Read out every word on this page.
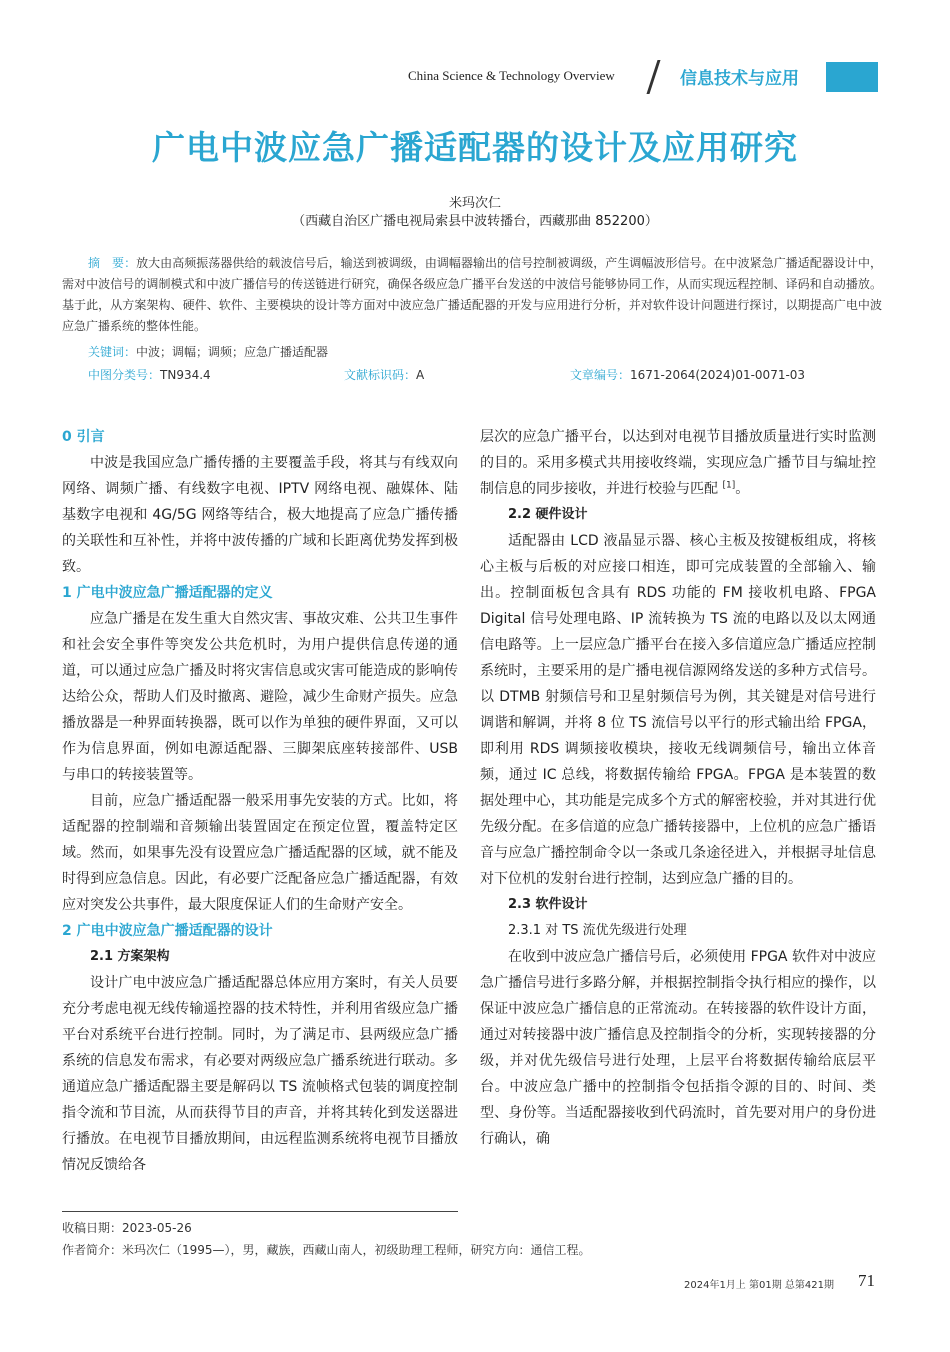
China Science & Technology Overview	信息技术与应用
广电中波应急广播适配器的设计及应用研究
米玛次仁
（西藏自治区广播电视局索县中波转播台，西藏那曲 852200）
摘　要：放大由高频振荡器供给的载波信号后，输送到被调级，由调幅器输出的信号控制被调级，产生调幅波形信号。在中波紧急广播适配器设计中，需对中波信号的调制模式和中波广播信号的传送链进行研究，确保各级应急广播平台发送的中波信号能够协同工作，从而实现远程控制、译码和自动播放。基于此，从方案架构、硬件、软件、主要模块的设计等方面对中波应急广播适配器的开发与应用进行分析，并对软件设计问题进行探讨，以期提高广电中波应急广播系统的整体性能。
关键词：中波；调幅；调频；应急广播适配器
中图分类号：TN934.4	文献标识码：A	文章编号：1671-2064(2024)01-0071-03
0 引言

中波是我国应急广播传播的主要覆盖手段，将其与有线双向网络、调频广播、有线数字电视、IPTV 网络电视、融媒体、陆基数字电视和 4G/5G 网络等结合，极大地提高了应急广播传播的关联性和互补性，并将中波传播的广域和长距离优势发挥到极致。

1 广电中波应急广播适配器的定义

应急广播是在发生重大自然灾害、事故灾难、公共卫生事件和社会安全事件等突发公共危机时，为用户提供信息传递的通道，可以通过应急广播及时将灾害信息或灾害可能造成的影响传达给公众，帮助人们及时撤离、避险，减少生命财产损失。应急播放器是一种界面转换器，既可以作为单独的硬件界面，又可以作为信息界面，例如电源适配器、三脚架底座转接部件、USB 与串口的转接装置等。

目前，应急广播适配器一般采用事先安装的方式。比如，将适配器的控制端和音频输出装置固定在预定位置，覆盖特定区域。然而，如果事先没有设置应急广播适配器的区域，就不能及时得到应急信息。因此，有必要广泛配备应急广播适配器，有效应对突发公共事件，最大限度保证人们的生命财产安全。

2 广电中波应急广播适配器的设计
2.1 方案架构

设计广电中波应急广播适配器总体应用方案时，有关人员要充分考虑电视无线传输遥控器的技术特性，并利用省级应急广播平台对系统平台进行控制。同时，为了满足市、县两级应急广播系统的信息发布需求，有必要对两级应急广播系统进行联动。多通道应急广播适配器主要是解码以 TS 流帧格式包装的调度控制指令流和节目流，从而获得节目的声音，并将其转化到发送器进行播放。在电视节目播放期间，由远程监测系统将电视节目播放情况反馈给各

层次的应急广播平台，以达到对电视节目播放质量进行实时监测的目的。采用多模式共用接收终端，实现应急广播节目与编址控制信息的同步接收，并进行校验与匹配 [1]。

2.2 硬件设计

适配器由 LCD 液晶显示器、核心主板及按键板组成，将核心主板与后板的对应接口相连，即可完成装置的全部输入、输出。控制面板包含具有 RDS 功能的 FM 接收机电路、FPGA Digital 信号处理电路、IP 流转换为 TS 流的电路以及以太网通信电路等。上一层应急广播平台在接入多信道应急广播适应控制系统时，主要采用的是广播电视信源网络发送的多种方式信号。以 DTMB 射频信号和卫星射频信号为例，其关键是对信号进行调谐和解调，并将 8 位 TS 流信号以平行的形式输出给 FPGA，即利用 RDS 调频接收模块，接收无线调频信号，输出立体音频，通过 IC 总线，将数据传输给 FPGA。FPGA 是本装置的数据处理中心，其功能是完成多个方式的解密校验，并对其进行优先级分配。在多信道的应急广播转接器中，上位机的应急广播语音与应急广播控制命令以一条或几条途径进入，并根据寻址信息对下位机的发射台进行控制，达到应急广播的目的。

2.3 软件设计
2.3.1 对 TS 流优先级进行处理

在收到中波应急广播信号后，必须使用 FPGA 软件对中波应急广播信号进行多路分解，并根据控制指令执行相应的操作，以保证中波应急广播信息的正常流动。在转接器的软件设计方面，通过对转接器中波广播信息及控制指令的分析，实现转接器的分级，并对优先级信号进行处理，上层平台将数据传输给底层平台。中波应急广播中的控制指令包括指令源的目的、时间、类型、身份等。当适配器接收到代码流时，首先要对用户的身份进行确认，确

收稿日期：2023-05-26
作者简介：米玛次仁（1995—），男，藏族，西藏山南人，初级助理工程师，研究方向：通信工程。
2024年1月上 第01期 总第421期 71
